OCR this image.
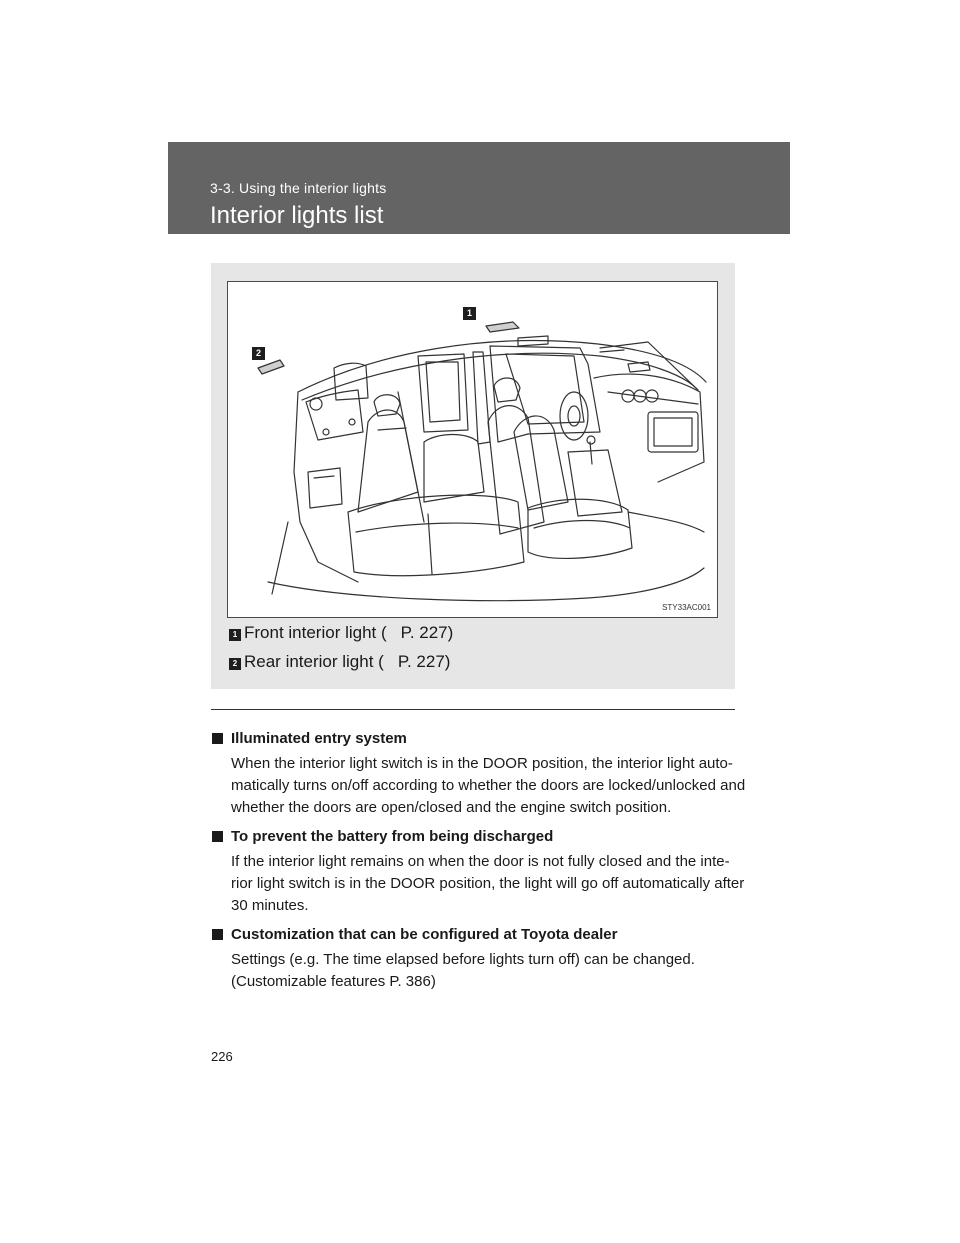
3-3. Using the interior lights
Interior lights list
1
2
STY33AC001
1 Front interior light ( P. 227)
2 Rear interior light ( P. 227)
Illuminated entry system
When the interior light switch is in the DOOR position, the interior light auto-matically turns on/off according to whether the doors are locked/unlocked and whether the doors are open/closed and the engine switch position.
To prevent the battery from being discharged
If the interior light remains on when the door is not fully closed and the inte-rior light switch is in the DOOR position, the light will go off automatically after 30 minutes.
Customization that can be configured at Toyota dealer
Settings (e.g. The time elapsed before lights turn off) can be changed. (Customizable features P. 386)
226
